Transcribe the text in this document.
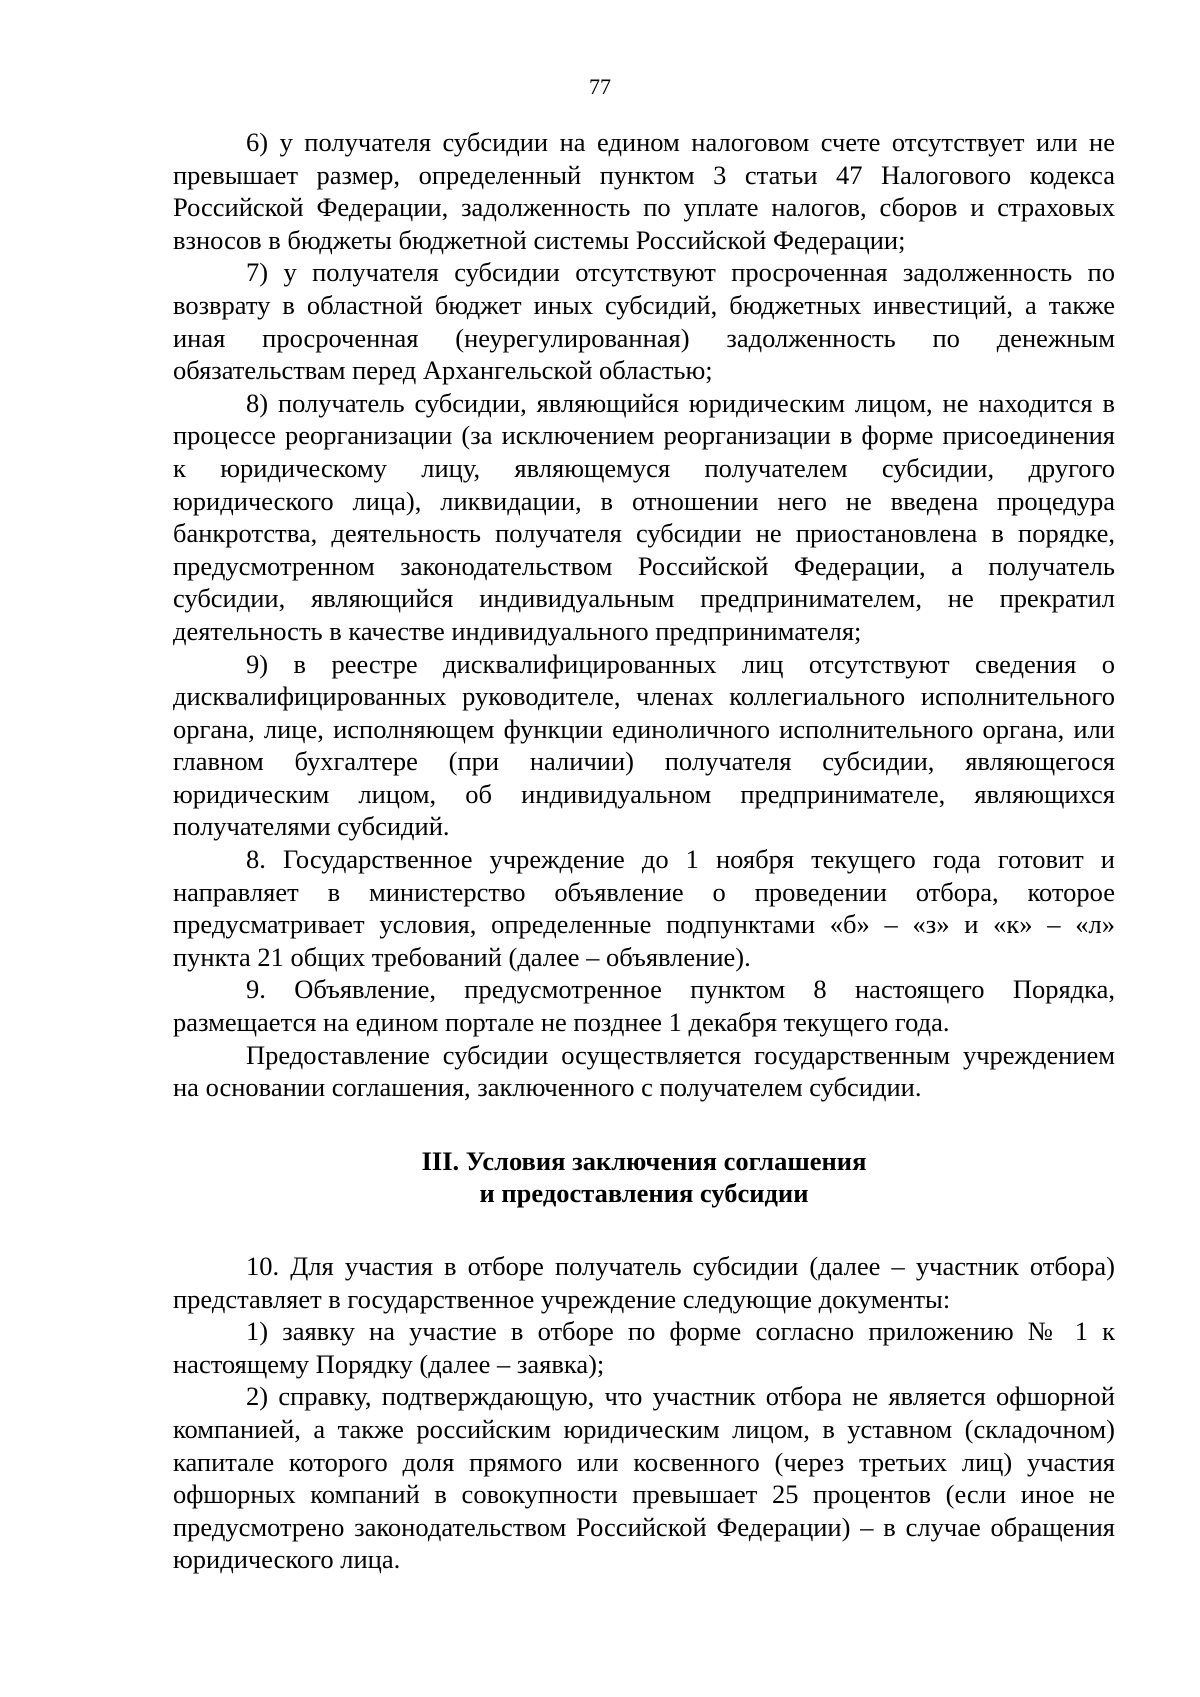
77

6) у получателя субсидии на едином налоговом счете отсутствует или не превышает размер, определенный пунктом 3 статьи 47 Налогового кодекса Российской Федерации, задолженность по уплате налогов, сборов и страховых взносов в бюджеты бюджетной системы Российской Федерации;

7) у получателя субсидии отсутствуют просроченная задолженность по возврату в областной бюджет иных субсидий, бюджетных инвестиций, а также иная просроченная (неурегулированная) задолженность по денежным обязательствам перед Архангельской областью;

8) получатель субсидии, являющийся юридическим лицом, не находится в процессе реорганизации (за исключением реорганизации в форме присоединения к юридическому лицу, являющемуся получателем субсидии, другого юридического лица), ликвидации, в отношении него не введена процедура банкротства, деятельность получателя субсидии не приостановлена в порядке, предусмотренном законодательством Российской Федерации, а получатель субсидии, являющийся индивидуальным предпринимателем, не прекратил деятельность в качестве индивидуального предпринимателя;

9) в реестре дисквалифицированных лиц отсутствуют сведения о дисквалифицированных руководителе, членах коллегиального исполнительного органа, лице, исполняющем функции единоличного исполнительного органа, или главном бухгалтере (при наличии) получателя субсидии, являющегося юридическим лицом, об индивидуальном предпринимателе, являющихся получателями субсидий.

8. Государственное учреждение до 1 ноября текущего года готовит и направляет в министерство объявление о проведении отбора, которое предусматривает условия, определенные подпунктами «б» – «з» и «к» – «л» пункта 21 общих требований (далее – объявление).

9. Объявление, предусмотренное пунктом 8 настоящего Порядка, размещается на едином портале не позднее 1 декабря текущего года.

Предоставление субсидии осуществляется государственным учреждением на основании соглашения, заключенного с получателем субсидии.

III. Условия заключения соглашения
и предоставления субсидии

10. Для участия в отборе получатель субсидии (далее – участник отбора) представляет в государственное учреждение следующие документы:

1) заявку на участие в отборе по форме согласно приложению № 1 к настоящему Порядку (далее – заявка);

2) справку, подтверждающую, что участник отбора не является офшорной компанией, а также российским юридическим лицом, в уставном (складочном) капитале которого доля прямого или косвенного (через третьих лиц) участия офшорных компаний в совокупности превышает 25 процентов (если иное не предусмотрено законодательством Российской Федерации) – в случае обращения юридического лица.
